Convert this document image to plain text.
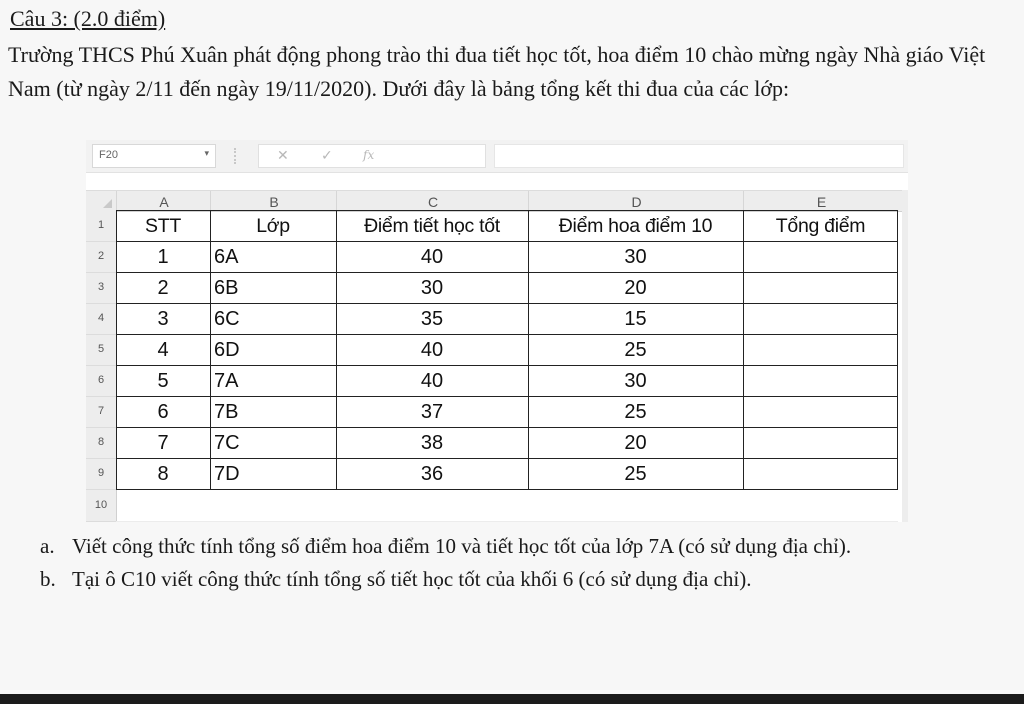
Câu 3: (2.0 điểm)
Trường THCS Phú Xuân phát động phong trào thi đua tiết học tốt, hoa điểm 10 chào mừng ngày Nhà giáo Việt Nam (từ ngày 2/11 đến ngày 19/11/2020). Dưới đây là bảng tổng kết thi đua của các lớp:
F20	▾	✕ ✓	fx
A	B	C	D	E
1
2
3
4
5
6
7
8
9
10
STT	Lớp	Điểm tiết học tốt	Điểm hoa điểm 10	Tổng điểm
1	6A	40	30
2	6B	30	20
3	6C	35	15
4	6D	40	25
5	7A	40	30
6	7B	37	25
7	7C	38	20
8	7D	36	25
a. Viết công thức tính tổng số điểm hoa điểm 10 và tiết học tốt của lớp 7A (có sử dụng địa chỉ).
b. Tại ô C10 viết công thức tính tổng số tiết học tốt của khối 6 (có sử dụng địa chỉ).
